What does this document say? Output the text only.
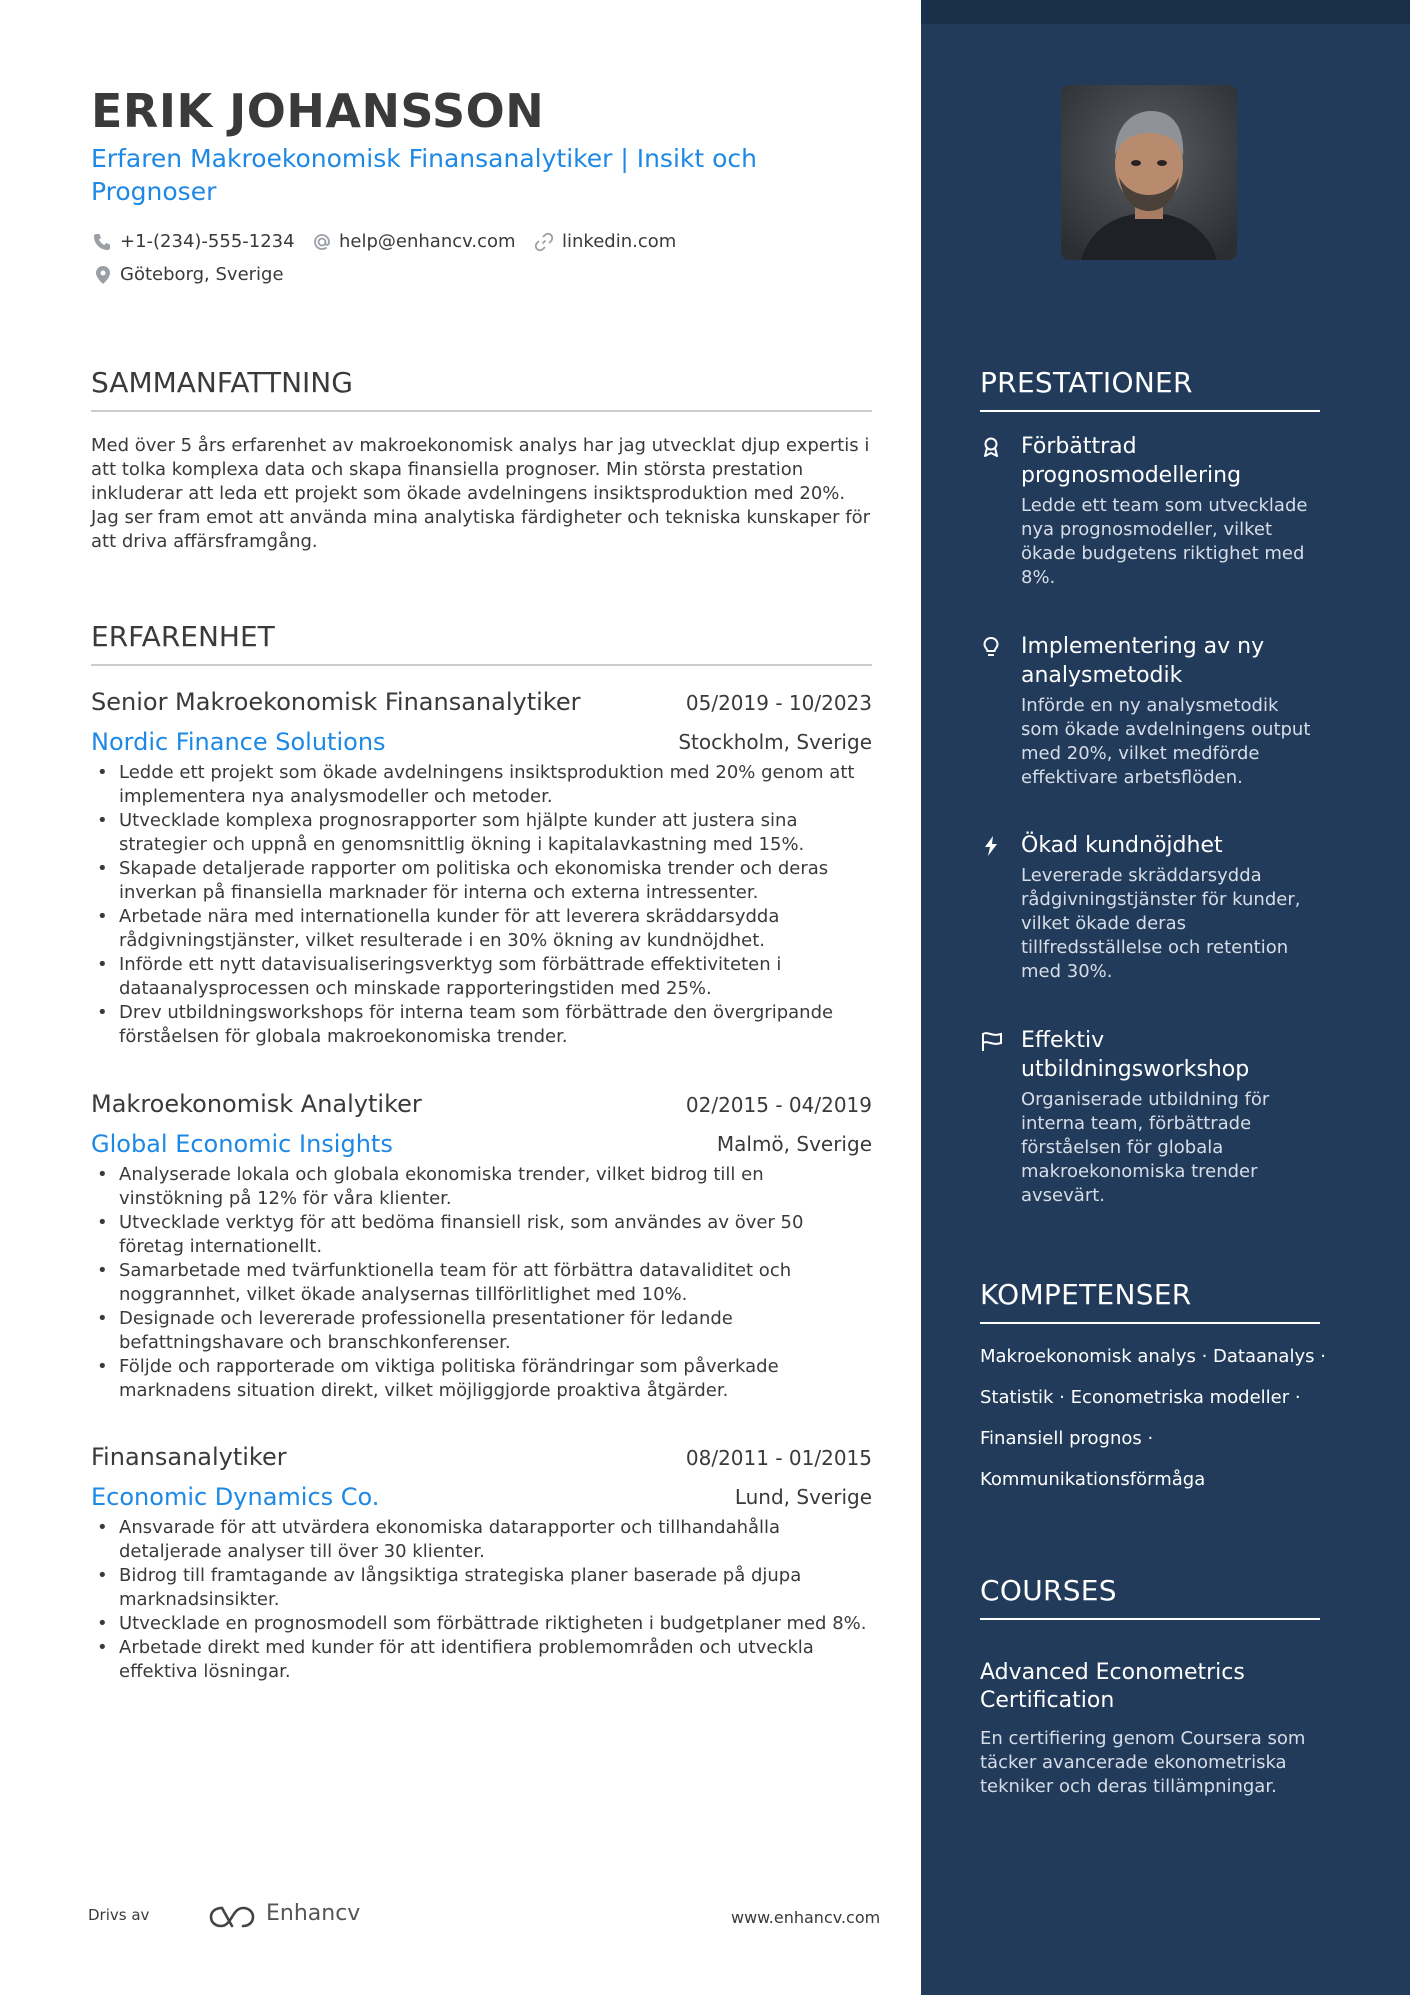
PRESTATIONER
Förbättrad prognosmodellering
Ledde ett team som utvecklade nya prognosmodeller, vilket ökade budgetens riktighet med 8%.
Implementering av ny analysmetodik
Införde en ny analysmetodik som ökade avdelningens output med 20%, vilket medförde effektivare arbetsflöden.
Ökad kundnöjdhet
Levererade skräddarsydda rådgivningstjänster för kunder, vilket ökade deras tillfredsställelse och retention med 30%.
Effektiv utbildningsworkshop
Organiserade utbildning för interna team, förbättrade förståelsen för globala makroekonomiska trender avsevärt.
KOMPETENSER
Makroekonomisk analys · Dataanalys ·
Statistik · Econometriska modeller ·
Finansiell prognos ·
Kommunikationsförmåga
COURSES
Advanced Econometrics Certification
En certifiering genom Coursera som täcker avancerade ekonometriska tekniker och deras tillämpningar.
ERIK JOHANSSON
Erfaren Makroekonomisk Finansanalytiker | Insikt och Prognoser
+1-(234)-555-1234 help@enhancv.com	linkedin.com
Göteborg, Sverige
SAMMANFATTNING
Med över 5 års erfarenhet av makroekonomisk analys har jag utvecklat djup expertis i att tolka komplexa data och skapa finansiella prognoser. Min största prestation inkluderar att leda ett projekt som ökade avdelningens insiktsproduktion med 20%. Jag ser fram emot att använda mina analytiska färdigheter och tekniska kunskaper för att driva affärsframgång.
ERFARENHET
Senior Makroekonomisk Finansanalytiker	05/2019 - 10/2023
Nordic Finance Solutions	Stockholm, Sverige
• Ledde ett projekt som ökade avdelningens insiktsproduktion med 20% genom att implementera nya analysmodeller och metoder.
• Utvecklade komplexa prognosrapporter som hjälpte kunder att justera sina strategier och uppnå en genomsnittlig ökning i kapitalavkastning med 15%.
• Skapade detaljerade rapporter om politiska och ekonomiska trender och deras inverkan på finansiella marknader för interna och externa intressenter.
• Arbetade nära med internationella kunder för att leverera skräddarsydda rådgivningstjänster, vilket resulterade i en 30% ökning av kundnöjdhet.
• Införde ett nytt datavisualiseringsverktyg som förbättrade effektiviteten i dataanalysprocessen och minskade rapporteringstiden med 25%.
• Drev utbildningsworkshops för interna team som förbättrade den övergripande förståelsen för globala makroekonomiska trender.
Makroekonomisk Analytiker	02/2015 - 04/2019
Global Economic Insights	Malmö, Sverige
• Analyserade lokala och globala ekonomiska trender, vilket bidrog till en vinstökning på 12% för våra klienter.
• Utvecklade verktyg för att bedöma finansiell risk, som användes av över 50 företag internationellt.
• Samarbetade med tvärfunktionella team för att förbättra datavaliditet och noggrannhet, vilket ökade analysernas tillförlitlighet med 10%.
• Designade och levererade professionella presentationer för ledande befattningshavare och branschkonferenser.
• Följde och rapporterade om viktiga politiska förändringar som påverkade marknadens situation direkt, vilket möjliggjorde proaktiva åtgärder.
Finansanalytiker	08/2011 - 01/2015
Economic Dynamics Co.	Lund, Sverige
• Ansvarade för att utvärdera ekonomiska datarapporter och tillhandahålla detaljerade analyser till över 30 klienter.
• Bidrog till framtagande av långsiktiga strategiska planer baserade på djupa marknadsinsikter.
• Utvecklade en prognosmodell som förbättrade riktigheten i budgetplaner med 8%.
• Arbetade direkt med kunder för att identifiera problemområden och utveckla effektiva lösningar.
Drivs av	Enhancv	www.enhancv.com
